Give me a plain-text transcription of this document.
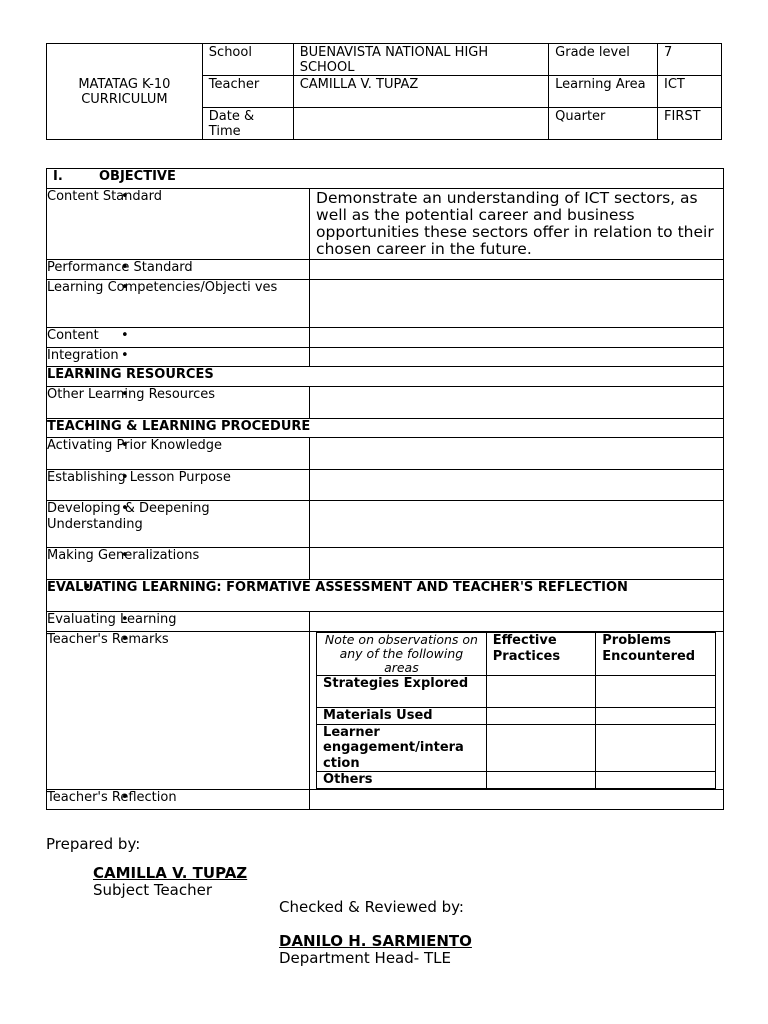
MATATAG K-10 CURRICULUM	School	BUENAVISTA NATIONAL HIGH SCHOOL	Grade level	7
	Teacher	CAMILLA V. TUPAZ	Learning Area	ICT
	Date & Time		Quarter	FIRST
I.	OBJECTIVE
• Content Standard	Demonstrate an understanding of ICT sectors, as well as the potential career and business opportunities these sectors offer in relation to their chosen career in the future.
• Performance Standard	
• Learning Competencies/Objecti ves	
• Content	
• Integration	
• LEARNING RESOURCES
• Other Learning Resources	
• TEACHING & LEARNING PROCEDURE
• Activating Prior Knowledge	
• Establishing Lesson Purpose	
• Developing & Deepening Understanding	
• Making Generalizations	
• EVALUATING LEARNING: FORMATIVE ASSESSMENT AND TEACHER'S REFLECTION
• Evaluating Learning	
• Teacher's Remarks		Note on observations on any of the following areas	Effective Practices	Problems Encountered
Strategies Explored		
Materials Used		
Learner engagement/intera ction		
Others		

• Teacher's Reflection	
Prepared by:
CAMILLA V. TUPAZ
Subject Teacher
Checked & Reviewed by:
DANILO H. SARMIENTO
Department Head- TLE
